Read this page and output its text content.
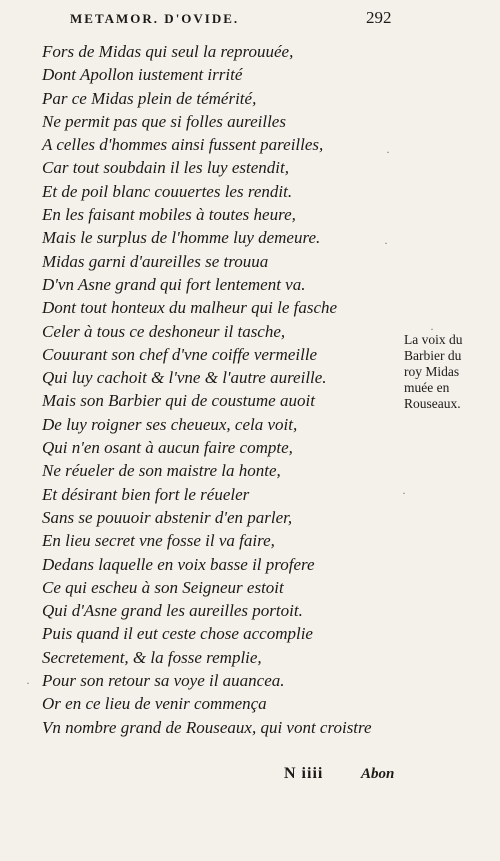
METAMOR. D'OVIDE.	292
Fors de Midas qui seul la reprouuée,
Dont Apollon iustement irrité
Par ce Midas plein de témérité,
Ne permit pas que si folles aureilles
A celles d'hommes ainsi fussent pareilles,
Car tout soubdain il les luy estendit,
Et de poil blanc couuertes les rendit.
En les faisant mobiles à toutes heure,
Mais le surplus de l'homme luy demeure.
Midas garni d'aureilles se trouua
D'vn Asne grand qui fort lentement va.
Dont tout honteux du malheur qui le fasche
Celer à tous ce deshoneur il tasche,
Couurant son chef d'vne coiffe vermeille
Qui luy cachoit & l'vne & l'autre aureille.
Mais son Barbier qui de coustume auoit
De luy roigner ses cheueux, cela voit,
Qui n'en osant à aucun faire compte,
Ne réueler de son maistre la honte,
Et désirant bien fort le réueler
Sans se pouuoir abstenir d'en parler,
En lieu secret vne fosse il va faire,
Dedans laquelle en voix basse il profere
Ce qui escheu à son Seigneur estoit
Qui d'Asne grand les aureilles portoit.
Puis quand il eut ceste chose accomplie
Secretement, & la fosse remplie,
Pour son retour sa voye il auancea.
Or en ce lieu de venir commença
Vn nombre grand de Rouseaux, qui vont croistre
La voix du
Barbier du
roy Midas
muée en
Rouseaux.
N iiii	Abon
·
·
·
·
·
